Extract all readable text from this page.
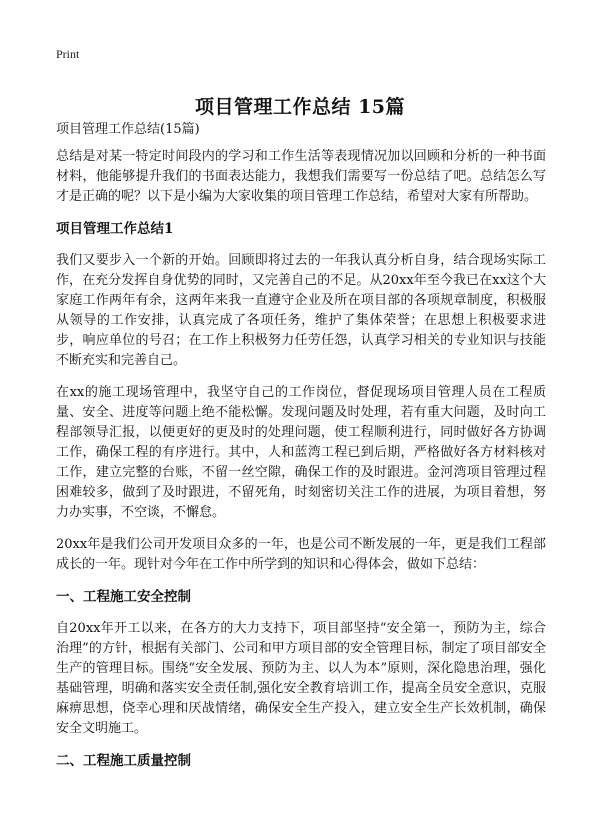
Print
项目管理工作总结 15篇
项目管理工作总结(15篇)

总结是对某一特定时间段内的学习和工作生活等表现情况加以回顾和分析的一种书面材料，他能够提升我们的书面表达能力，我想我们需要写一份总结了吧。总结怎么写才是正确的呢？以下是小编为大家收集的项目管理工作总结，希望对大家有所帮助。

项目管理工作总结1

我们又要步入一个新的开始。回顾即将过去的一年我认真分析自身，结合现场实际工作，在充分发挥自身优势的同时，又完善自己的不足。从20xx年至今我已在xx这个大家庭工作两年有余，这两年来我一直遵守企业及所在项目部的各项规章制度，积极服从领导的工作安排，认真完成了各项任务，维护了集体荣誉；在思想上积极要求进步，响应单位的号召；在工作上积极努力任劳任怨，认真学习相关的专业知识与技能不断充实和完善自己。

在xx的施工现场管理中，我坚守自己的工作岗位，督促现场项目管理人员在工程质量、安全、进度等问题上绝不能松懈。发现问题及时处理，若有重大问题，及时向工程部领导汇报，以便更好的更及时的处理问题，使工程顺利进行，同时做好各方协调工作，确保工程的有序进行。其中，人和蓝湾工程已到后期，严格做好各方材料核对工作，建立完整的台账，不留一丝空隙，确保工作的及时跟进。金河湾项目管理过程困难较多，做到了及时跟进，不留死角，时刻密切关注工作的进展，为项目着想，努力办实事，不空谈，不懈怠。

20xx年是我们公司开发项目众多的一年，也是公司不断发展的一年，更是我们工程部成长的一年。现针对今年在工作中所学到的知识和心得体会，做如下总结：

一、工程施工安全控制

自20xx年开工以来，在各方的大力支持下，项目部坚持“安全第一，预防为主，综合治理”的方针，根据有关部门、公司和甲方项目部的安全管理目标，制定了项目部安全生产的管理目标。围绕“安全发展、预防为主、以人为本”原则，深化隐患治理，强化基础管理，明确和落实安全责任制,强化安全教育培训工作，提高全员安全意识，克服麻痹思想，侥幸心理和厌战情绪，确保安全生产投入，建立安全生产长效机制，确保安全文明施工。

二、工程施工质量控制
